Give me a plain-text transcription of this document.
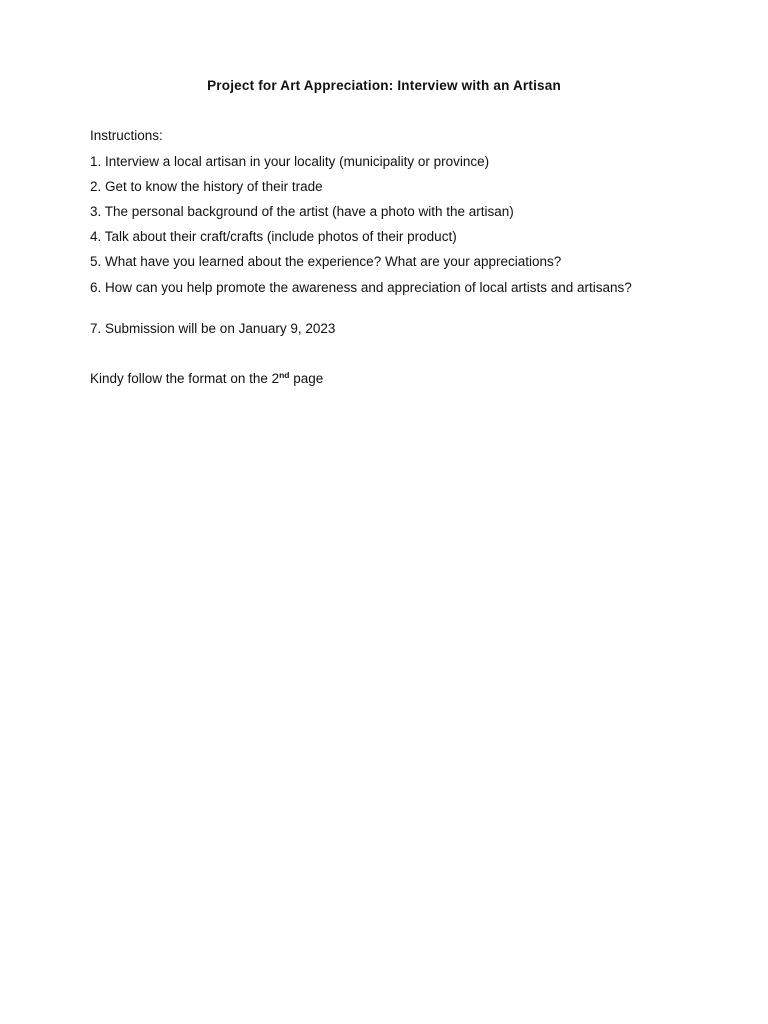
Project for Art Appreciation: Interview with an Artisan
Instructions:
1. Interview a local artisan in your locality (municipality or province)
2. Get to know the history of their trade
3. The personal background of the artist (have a photo with the artisan)
4. Talk about their craft/crafts (include photos of their product)
5. What have you learned about the experience? What are your appreciations?
6. How can you help promote the awareness and appreciation of local artists and artisans?
7. Submission will be on January 9, 2023
Kindy follow the format on the 2nd page
